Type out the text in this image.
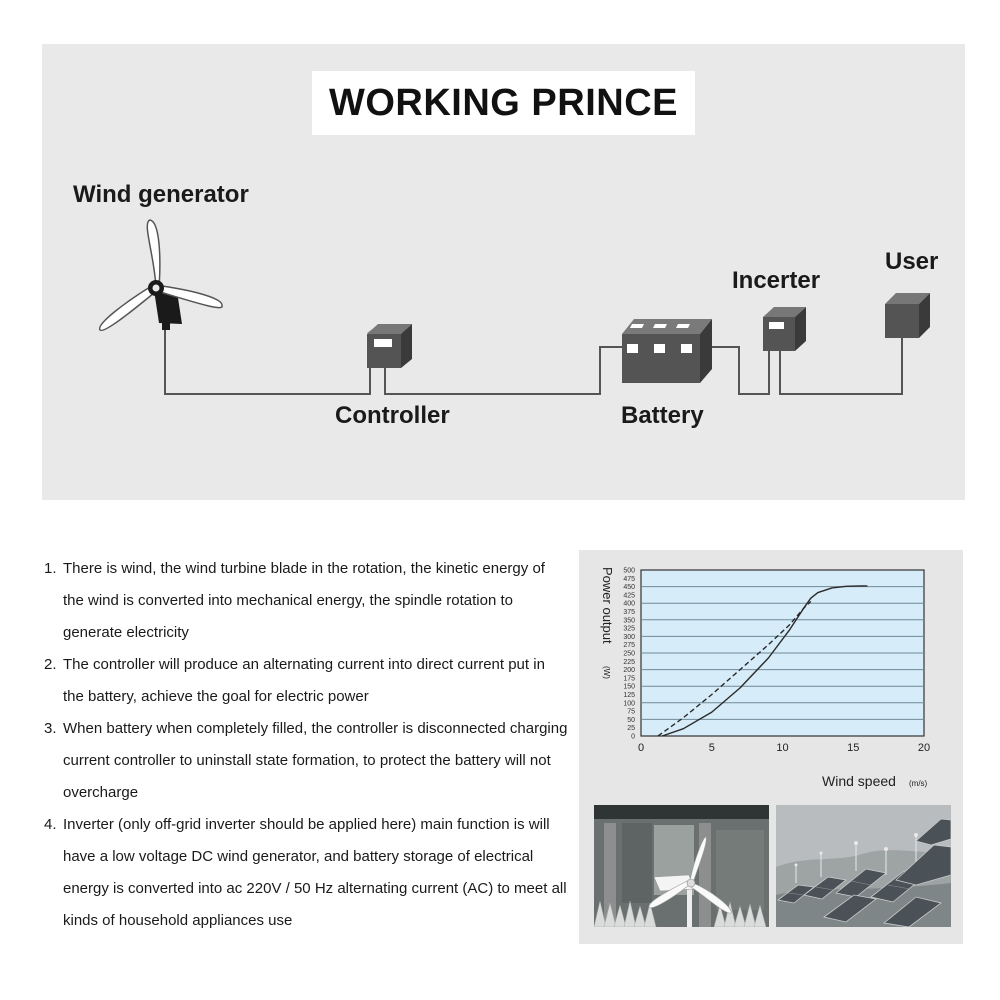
WORKING PRINCE
Wind generator
Controller	Battery
Incerter
User
1. There is wind, the wind turbine blade in the rotation, the kinetic energy of the wind is converted into mechanical energy, the spindle rotation to generate electricity
2. The controller will produce an alternating current into direct current put in the battery, achieve the goal for electric power
3. When battery when completely filled, the controller is disconnected charging current controller to uninstall state formation, to protect the battery will not overcharge
4. Inverter (only off-grid inverter should be applied here) main function is will have a low voltage DC wind generator, and battery storage of electrical energy is converted into ac 220V / 50 Hz alternating current (AC) to meet all kinds of household appliances use
0
25
50
75
100
125
150
175
200
225
250
275
300
325
350
375
400
425
450
475
500
0	5	10	15	20
Power output
(W)
Wind speed (m/s)
